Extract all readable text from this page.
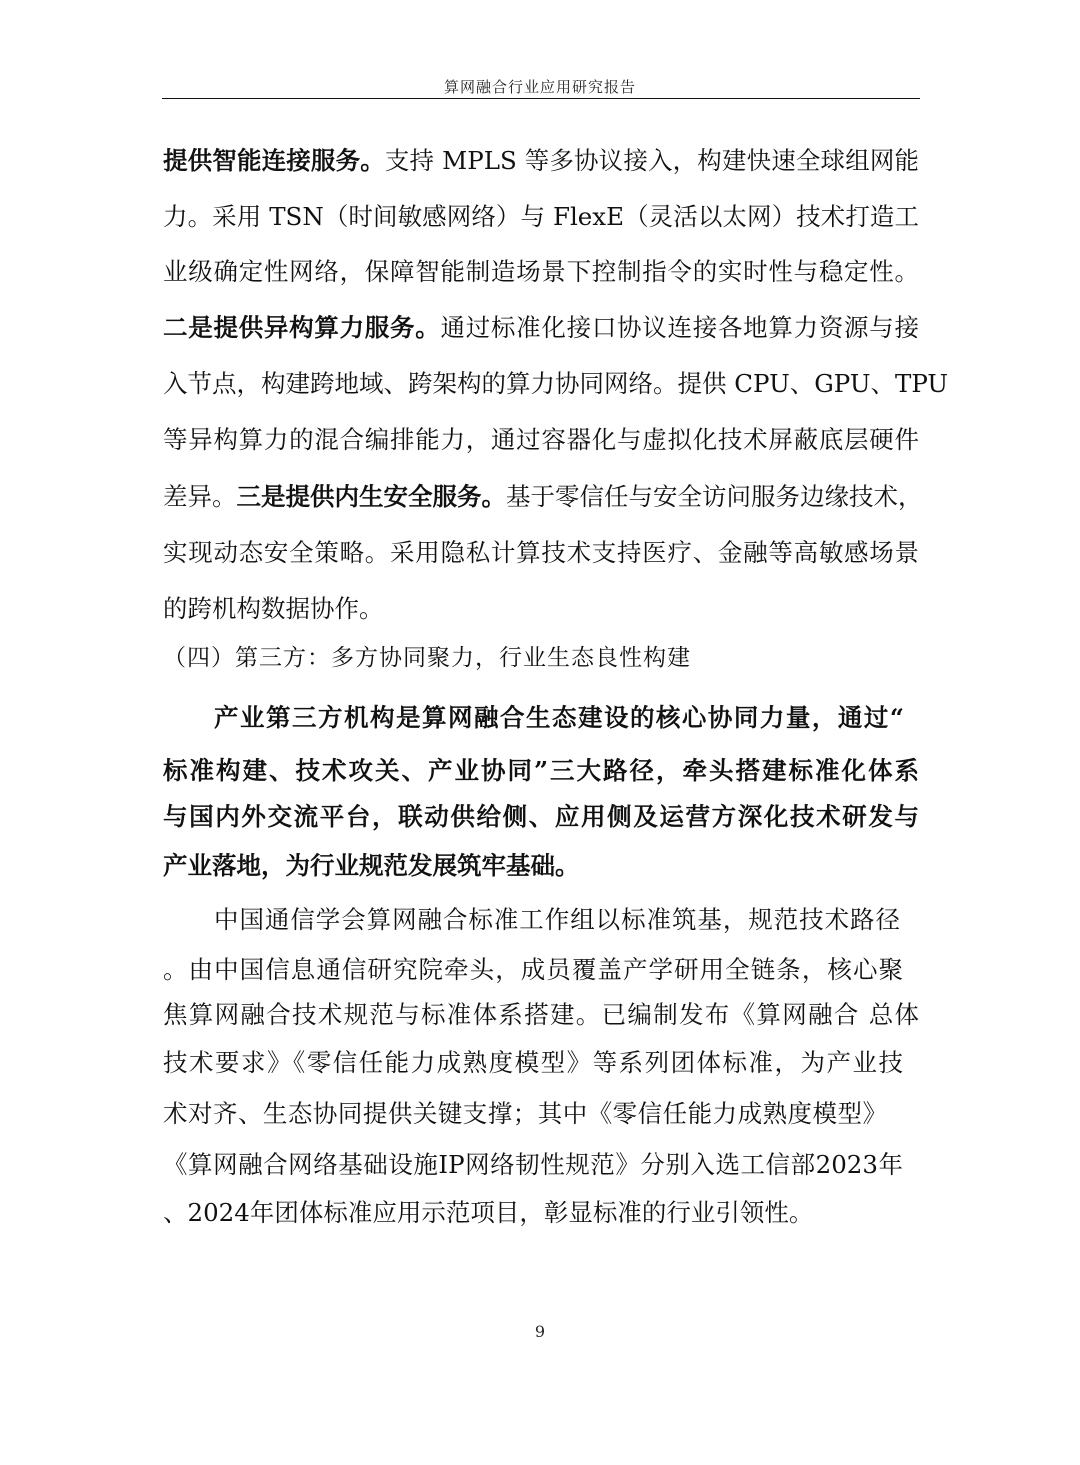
算网融合行业应用研究报告
提供智能连接服务。支持 MPLS 等多协议接入，构建快速全球组网能
力。采用 TSN（时间敏感网络）与 FlexE（灵活以太网）技术打造工
业级确定性网络，保障智能制造场景下控制指令的实时性与稳定性。
二是提供异构算力服务。通过标准化接口协议连接各地算力资源与接
入节点，构建跨地域、跨架构的算力协同网络。提供 CPU、GPU、TPU
等异构算力的混合编排能力，通过容器化与虚拟化技术屏蔽底层硬件
差异。三是提供内生安全服务。基于零信任与安全访问服务边缘技术，
实现动态安全策略。采用隐私计算技术支持医疗、金融等高敏感场景
的跨机构数据协作。
（四）第三方：多方协同聚力，行业生态良性构建
产业第三方机构是算网融合生态建设的核心协同力量，通过“
标准构建、技术攻关、产业协同”三大路径，牵头搭建标准化体系
与国内外交流平台，联动供给侧、应用侧及运营方深化技术研发与
产业落地，为行业规范发展筑牢基础。
中国通信学会算网融合标准工作组以标准筑基，规范技术路径
。由中国信息通信研究院牵头，成员覆盖产学研用全链条，核心聚
焦算网融合技术规范与标准体系搭建。已编制发布《算网融合 总体
技术要求》《零信任能力成熟度模型》等系列团体标准，为产业技
术对齐、生态协同提供关键支撑；其中《零信任能力成熟度模型》
《算网融合网络基础设施IP网络韧性规范》分别入选工信部2023年
、2024年团体标准应用示范项目，彰显标准的行业引领性。
9
